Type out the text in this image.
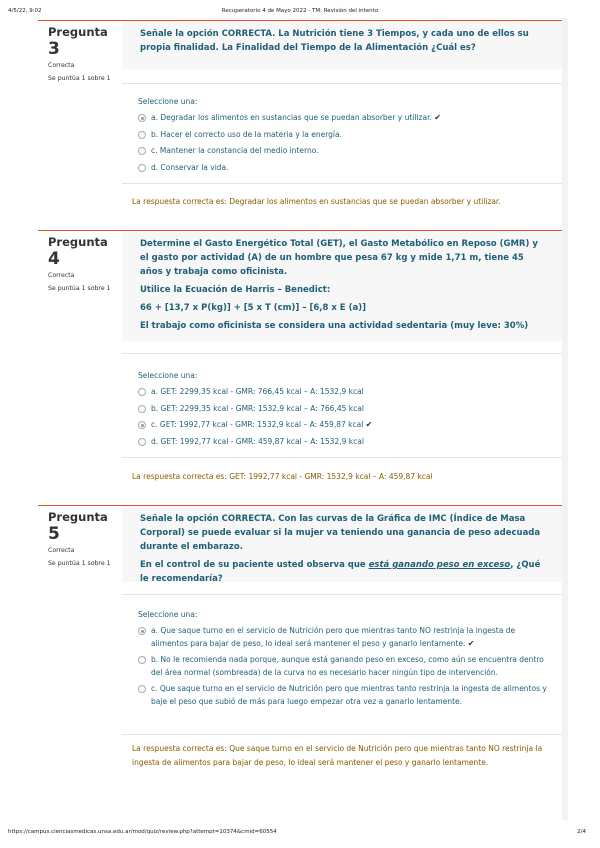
4/5/22, 9:02	Recuperatorio 4 de Mayo 2022 - TM: Revisión del intento
Pregunta 3
Correcta
Se puntúa 1 sobre 1

Señale la opción CORRECTA. La Nutrición tiene 3 Tiempos, y cada uno de ellos su propia finalidad. La Finalidad del Tiempo de la Alimentación ¿Cuál es?

Seleccione una:
a. Degradar los alimentos en sustancias que se puedan absorber y utilizar. ✔
b. Hacer el correcto uso de la materia y la energía.
c. Mantener la constancia del medio interno.
d. Conservar la vida.
La respuesta correcta es: Degradar los alimentos en sustancias que se puedan absorber y utilizar.
Pregunta 4
Correcta
Se puntúa 1 sobre 1

Determine el Gasto Energético Total (GET), el Gasto Metabólico en Reposo (GMR) y el gasto por actividad (A) de un hombre que pesa 67 kg y mide 1,71 m, tiene 45 años y trabaja como oficinista.

Utilice la Ecuación de Harris – Benedict:

66 + [13,7 x P(kg)] + [5 x T (cm)] – [6,8 x E (a)]

El trabajo como oficinista se considera una actividad sedentaria (muy leve: 30%)

Seleccione una:
a. GET: 2299,35 kcal - GMR: 766,45 kcal – A: 1532,9 kcal
b. GET: 2299,35 kcal - GMR: 1532,9 kcal – A: 766,45 kcal
c. GET: 1992,77 kcal - GMR: 1532,9 kcal – A: 459,87 kcal ✔
d. GET: 1992,77 kcal - GMR: 459,87 kcal – A: 1532,9 kcal
La respuesta correcta es: GET: 1992,77 kcal - GMR: 1532,9 kcal – A: 459,87 kcal
Pregunta 5
Correcta
Se puntúa 1 sobre 1

Señale la opción CORRECTA. Con las curvas de la Gráfica de IMC (Índice de Masa Corporal) se puede evaluar si la mujer va teniendo una ganancia de peso adecuada durante el embarazo.

En el control de su paciente usted observa que está ganando peso en exceso, ¿Qué le recomendaría?

Seleccione una:
a. Que saque turno en el servicio de Nutrición pero que mientras tanto NO restrinja la ingesta de alimentos para bajar de peso, lo ideal será mantener el peso y ganarlo lentamente. ✔
b. No le recomienda nada porque, aunque está ganando peso en exceso, como aún se encuentra dentro del área normal (sombreada) de la curva no es necesario hacer ningún tipo de intervención.
c. Que saque turno en el servicio de Nutrición pero que mientras tanto restrinja la ingesta de alimentos y baje el peso que subió de más para luego empezar otra vez a ganarlo lentamente.
La respuesta correcta es: Que saque turno en el servicio de Nutrición pero que mientras tanto NO restrinja la ingesta de alimentos para bajar de peso, lo ideal será mantener el peso y ganarlo lentamente.
https://campus.cienciasmedicas.unsa.edu.ar/mod/quiz/review.php?attempt=10374&cmid=60554	2/4
